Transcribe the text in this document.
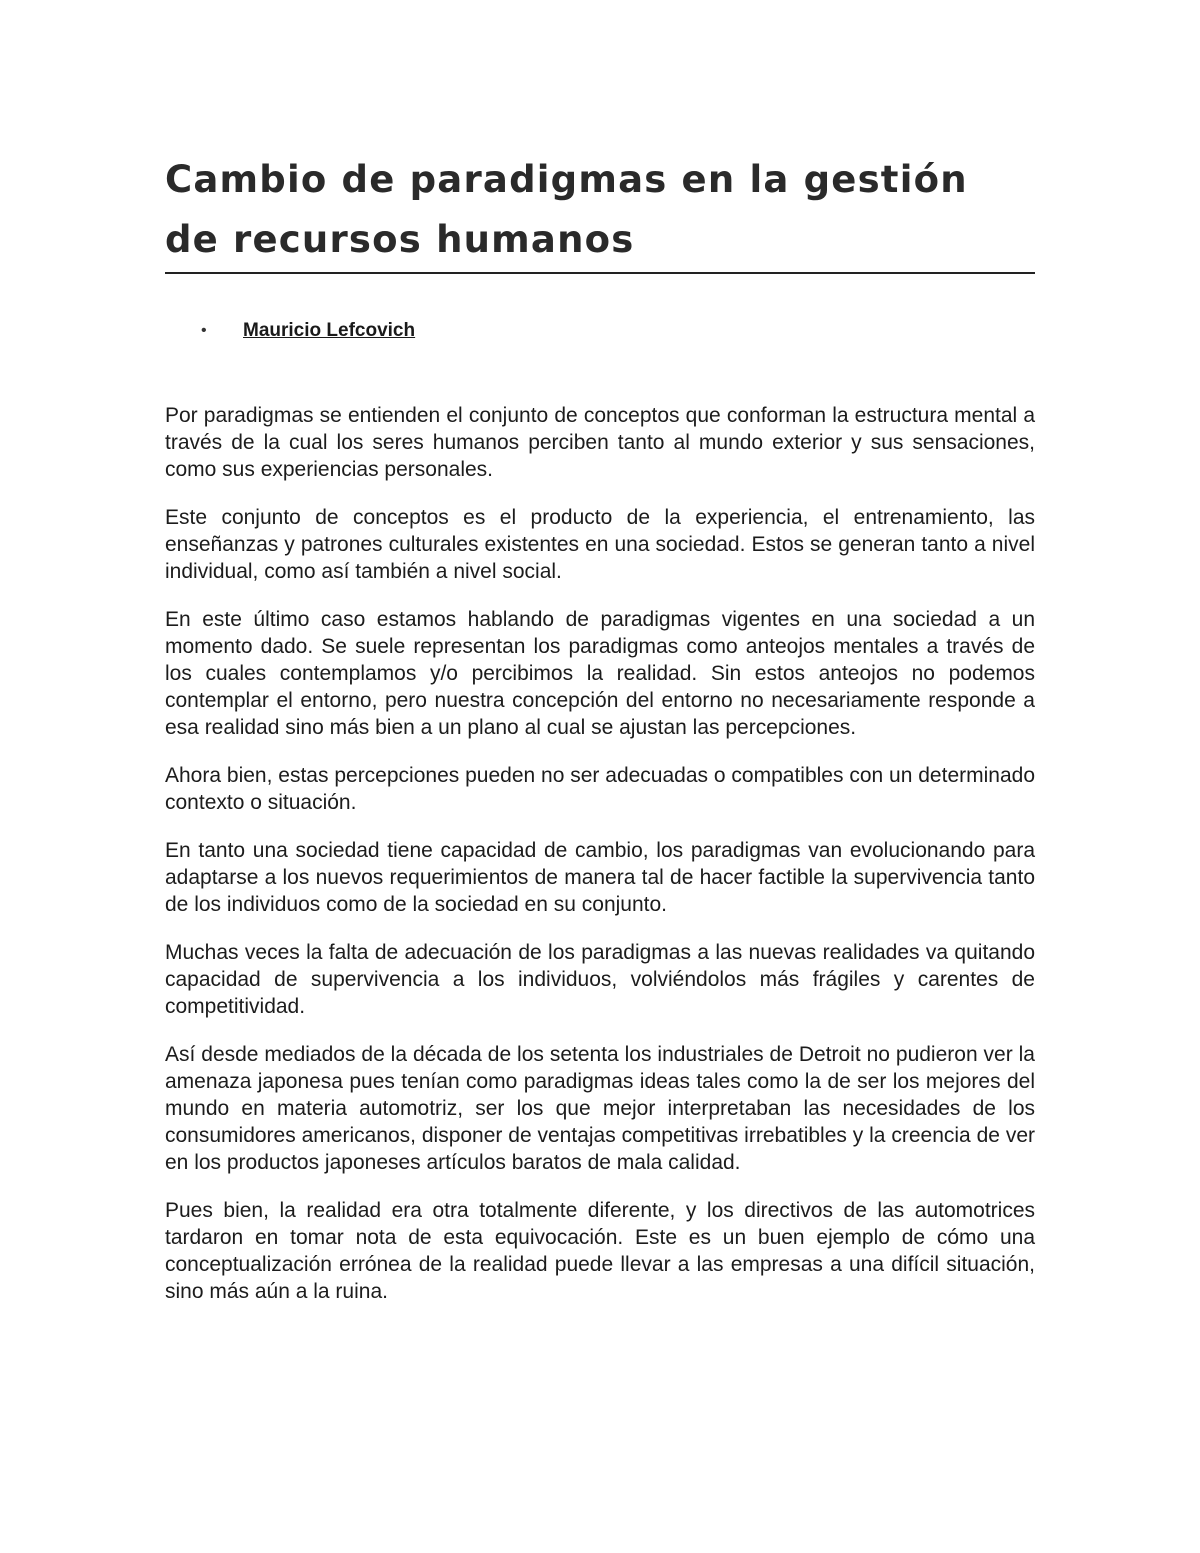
Cambio de paradigmas en la gestión de recursos humanos
• Mauricio Lefcovich

Por paradigmas se entienden el conjunto de conceptos que conforman la estructura mental a través de la cual los seres humanos perciben tanto al mundo exterior y sus sensaciones, como sus experiencias personales.

Este conjunto de conceptos es el producto de la experiencia, el entrenamiento, las enseñanzas y patrones culturales existentes en una sociedad. Estos se generan tanto a nivel individual, como así también a nivel social.

En este último caso estamos hablando de paradigmas vigentes en una sociedad a un momento dado. Se suele representan los paradigmas como anteojos mentales a través de los cuales contemplamos y/o percibimos la realidad. Sin estos anteojos no podemos contemplar el entorno, pero nuestra concepción del entorno no necesariamente responde a esa realidad sino más bien a un plano al cual se ajustan las percepciones.

Ahora bien, estas percepciones pueden no ser adecuadas o compatibles con un determinado contexto o situación.

En tanto una sociedad tiene capacidad de cambio, los paradigmas van evolucionando para adaptarse a los nuevos requerimientos de manera tal de hacer factible la supervivencia tanto de los individuos como de la sociedad en su conjunto.

Muchas veces la falta de adecuación de los paradigmas a las nuevas realidades va quitando capacidad de supervivencia a los individuos, volviéndolos más frágiles y carentes de competitividad.

Así desde mediados de la década de los setenta los industriales de Detroit no pudieron ver la amenaza japonesa pues tenían como paradigmas ideas tales como la de ser los mejores del mundo en materia automotriz, ser los que mejor interpretaban las necesidades de los consumidores americanos, disponer de ventajas competitivas irrebatibles y la creencia de ver en los productos japoneses artículos baratos de mala calidad.

Pues bien, la realidad era otra totalmente diferente, y los directivos de las automotrices tardaron en tomar nota de esta equivocación. Este es un buen ejemplo de cómo una conceptualización errónea de la realidad puede llevar a las empresas a una difícil situación, sino más aún a la ruina.
